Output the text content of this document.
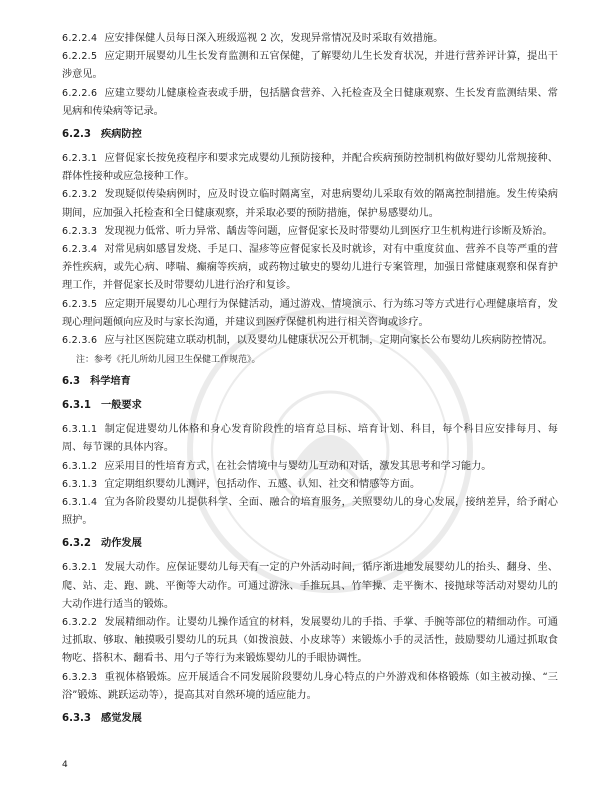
6.2.2.4 应安排保健人员每日深入班级巡视 2 次，发现异常情况及时采取有效措施。

6.2.2.5 应定期开展婴幼儿生长发育监测和五官保健，了解婴幼儿生长发育状况，并进行营养评计算，提出干涉意见。

6.2.2.6 应建立婴幼儿健康检查表或手册，包括膳食营养、入托检查及全日健康观察、生长发育监测结果、常见病和传染病等记录。

6.2.3 疾病防控

6.2.3.1 应督促家长按免疫程序和要求完成婴幼儿预防接种，并配合疾病预防控制机构做好婴幼儿常规接种、群体性接种或应急接种工作。

6.2.3.2 发现疑似传染病例时，应及时设立临时隔离室，对患病婴幼儿采取有效的隔离控制措施。发生传染病期间，应加强入托检查和全日健康观察，并采取必要的预防措施，保护易感婴幼儿。

6.2.3.3 发现视力低常、听力异常、龋齿等问题，应督促家长及时带婴幼儿到医疗卫生机构进行诊断及矫治。

6.2.3.4 对常见病如感冒发烧、手足口、湿疹等应督促家长及时就诊，对有中重度贫血、营养不良等严重的营养性疾病，或先心病、哮喘、癫痫等疾病，或药物过敏史的婴幼儿进行专案管理，加强日常健康观察和保育护理工作，并督促家长及时带婴幼儿进行治疗和复诊。

6.2.3.5 应定期开展婴幼儿心理行为保健活动，通过游戏、情境演示、行为练习等方式进行心理健康培育，发现心理问题倾向应及时与家长沟通，并建议到医疗保健机构进行相关咨询或诊疗。

6.2.3.6 应与社区医院建立联动机制，以及婴幼儿健康状况公开机制，定期向家长公布婴幼儿疾病防控情况。

注：参考《托儿所幼儿园卫生保健工作规范》。

6.3 科学培育
6.3.1 一般要求

6.3.1.1 制定促进婴幼儿体格和身心发育阶段性的培育总目标、培育计划、科目，每个科目应安排每月、每周、每节课的具体内容。

6.3.1.2 应采用目的性培育方式，在社会情境中与婴幼儿互动和对话，激发其思考和学习能力。

6.3.1.3 宜定期组织婴幼儿测评，包括动作、五感、认知、社交和情感等方面。

6.3.1.4 宜为各阶段婴幼儿提供科学、全面、融合的培育服务，关照婴幼儿的身心发展，接纳差异，给予耐心照护。

6.3.2 动作发展

6.3.2.1 发展大动作。应保证婴幼儿每天有一定的户外活动时间，循序渐进地发展婴幼儿的抬头、翻身、坐、爬、站、走、跑、跳、平衡等大动作。可通过游泳、手推玩具、竹竿操、走平衡木、接抛球等活动对婴幼儿的大动作进行适当的锻炼。

6.3.2.2 发展精细动作。让婴幼儿操作适宜的材料，发展婴幼儿的手指、手掌、手腕等部位的精细动作。可通过抓取、够取、触摸吸引婴幼儿的玩具（如拨浪鼓、小皮球等）来锻炼小手的灵活性，鼓励婴幼儿通过抓取食物吃、搭积木、翻看书、用勺子等行为来锻炼婴幼儿的手眼协调性。

6.3.2.3 重视体格锻炼。应开展适合不同发展阶段婴幼儿身心特点的户外游戏和体格锻炼（如主被动操、“三浴”锻炼、跳跃运动等），提高其对自然环境的适应能力。

6.3.3 感觉发展
4
